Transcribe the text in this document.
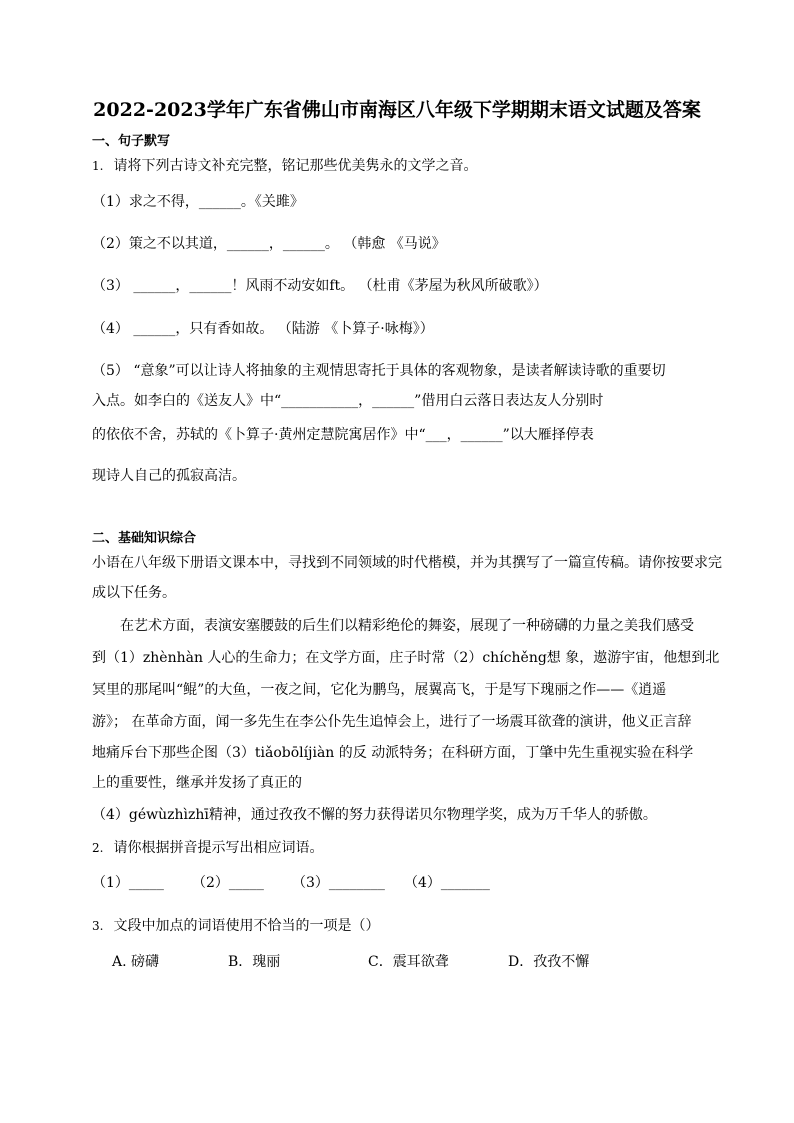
2022-2023学年广东省佛山市南海区八年级下学期期末语文试题及答案
一、句子默写
1. 请将下列古诗文补充完整，铭记那些优美隽永的文学之音。
（1）求之不得，______。《关雎》
（2）策之不以其道，______，______。 （韩愈 《马说》
（3） ______，______！风雨不动安如ft。 （杜甫《茅屋为秋风所破歌》）
（4） ______，只有香如故。 （陆游 《卜算子·咏梅》）
（5） “意象”可以让诗人将抽象的主观情思寄托于具体的客观物象，是读者解读诗歌的重要切
入点。如李白的《送友人》中“___________，______”借用白云落日表达友人分别时
的依依不舍，苏轼的《卜算子·黄州定慧院寓居作》中“___，______”以大雁择停表
现诗人自己的孤寂高洁。
二、基础知识综合
小语在八年级下册语文课本中，寻找到不同领域的时代楷模，并为其撰写了一篇宣传稿。请你按要求完
成以下任务。
在艺术方面，表演安塞腰鼓的后生们以精彩绝伦的舞姿，展现了一种磅礴的力量之美我们感受
到（1）zhènhàn 人心的生命力；在文学方面，庄子时常（2）chíchěng想 象，遨游宇宙，他想到北
冥里的那尾叫“鲲”的大鱼，一夜之间，它化为鹏鸟，展翼高飞，于是写下瑰丽之作——《逍遥
游》； 在革命方面，闻一多先生在李公仆先生追悼会上，进行了一场震耳欲聋的演讲，他义正言辞
地痛斥台下那些企图（3）tiǎobōlíjiàn 的反 动派特务；在科研方面，丁肇中先生重视实验在科学
上的重要性，继承并发扬了真正的
（4）géwùzhìzhī精神，通过孜孜不懈的努力获得诺贝尔物理学奖，成为万千华人的骄傲。
2. 请你根据拼音提示写出相应词语。
（1）_____ （2）_____ （3）________ （4）_______
3. 文段中加点的词语使用不恰当的一项是（）
A. 磅礴	B．瑰丽	C．震耳欲聋	D．孜孜不懈
